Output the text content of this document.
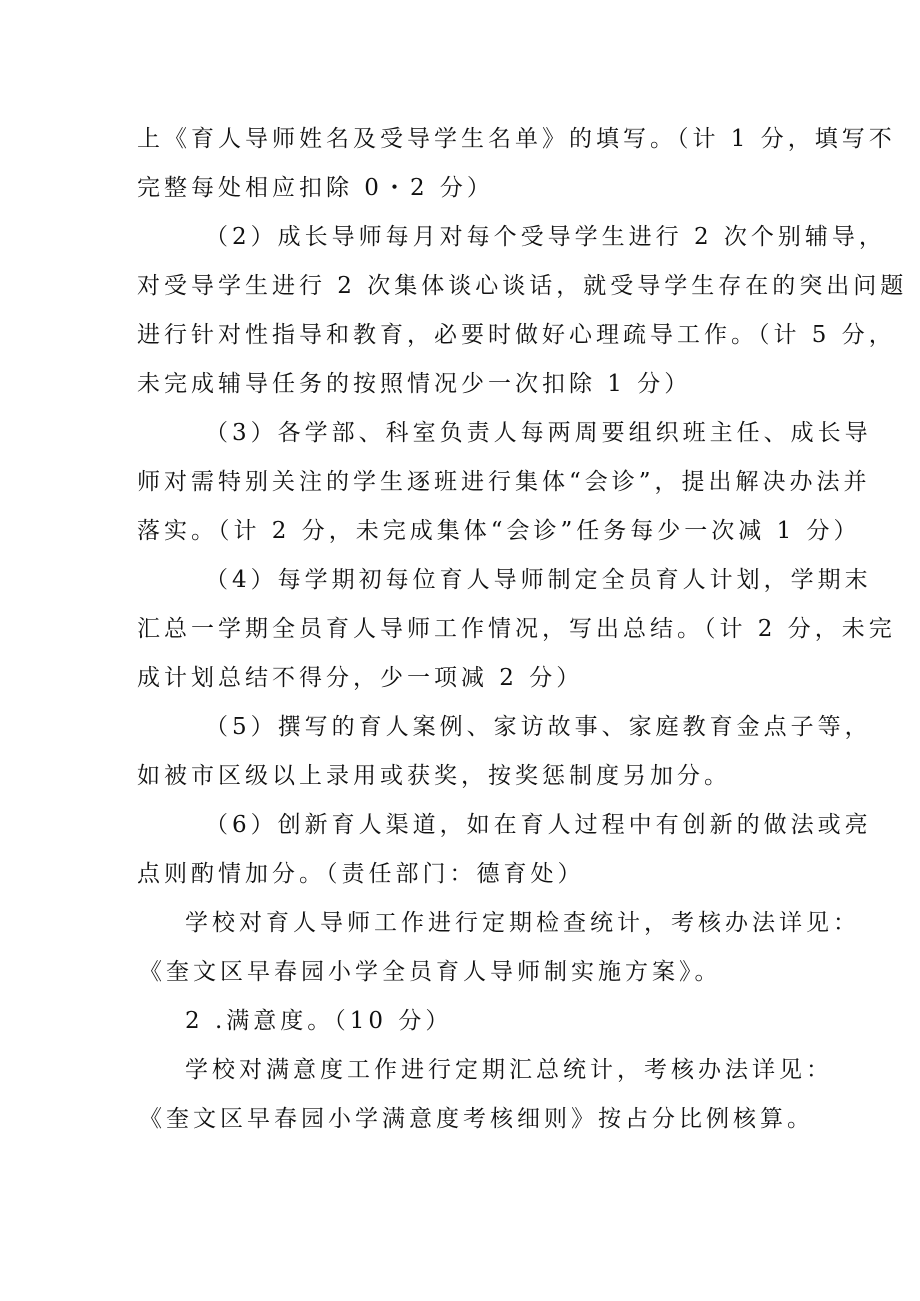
上《育人导师姓名及受导学生名单》的填写。（计 1 分，填写不
完整每处相应扣除 0・2 分）
（2）成长导师每月对每个受导学生进行 2 次个别辅导，
对受导学生进行 2 次集体谈心谈话，就受导学生存在的突出问题
进行针对性指导和教育，必要时做好心理疏导工作。（计 5 分，
未完成辅导任务的按照情况少一次扣除 1 分）
（3）各学部、科室负责人每两周要组织班主任、成长导
师对需特别关注的学生逐班进行集体“会诊”，提出解决办法并
落实。（计 2 分，未完成集体“会诊”任务每少一次减 1 分）
（4）每学期初每位育人导师制定全员育人计划，学期末
汇总一学期全员育人导师工作情况，写出总结。（计 2 分，未完
成计划总结不得分，少一项减 2 分）
（5）撰写的育人案例、家访故事、家庭教育金点子等，
如被市区级以上录用或获奖，按奖惩制度另加分。
（6）创新育人渠道，如在育人过程中有创新的做法或亮
点则酌情加分。（责任部门：德育处）
学校对育人导师工作进行定期检查统计，考核办法详见：
《奎文区早春园小学全员育人导师制实施方案》。
2 .满意度。（10 分）
学校对满意度工作进行定期汇总统计，考核办法详见：
《奎文区早春园小学满意度考核细则》按占分比例核算。
